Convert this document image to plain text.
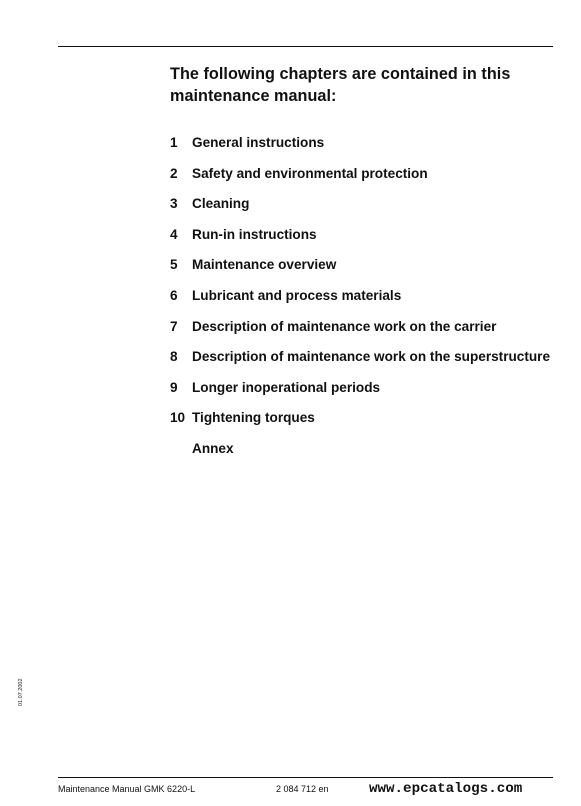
The following chapters are contained in this
maintenance manual:
1 General instructions
2 Safety and environmental protection
3 Cleaning
4 Run-in instructions
5 Maintenance overview
6 Lubricant and process materials
7 Description of maintenance work on the carrier
8 Description of maintenance work on the superstructure
9 Longer inoperational periods
10 Tightening torques
Annex
01.07.2002
Maintenance Manual GMK 6220-L	2 084 712 en	www.epcatalogs.com
